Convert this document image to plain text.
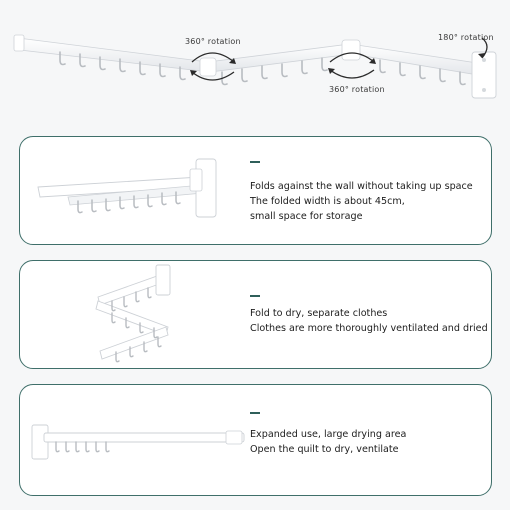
360° rotation
360° rotation
180° rotation
Folds against the wall without taking up space
The folded width is about 45cm,
small space for storage
Fold to dry, separate clothes
Clothes are more thoroughly ventilated and dried
Expanded use, large drying area
Open the quilt to dry, ventilate
